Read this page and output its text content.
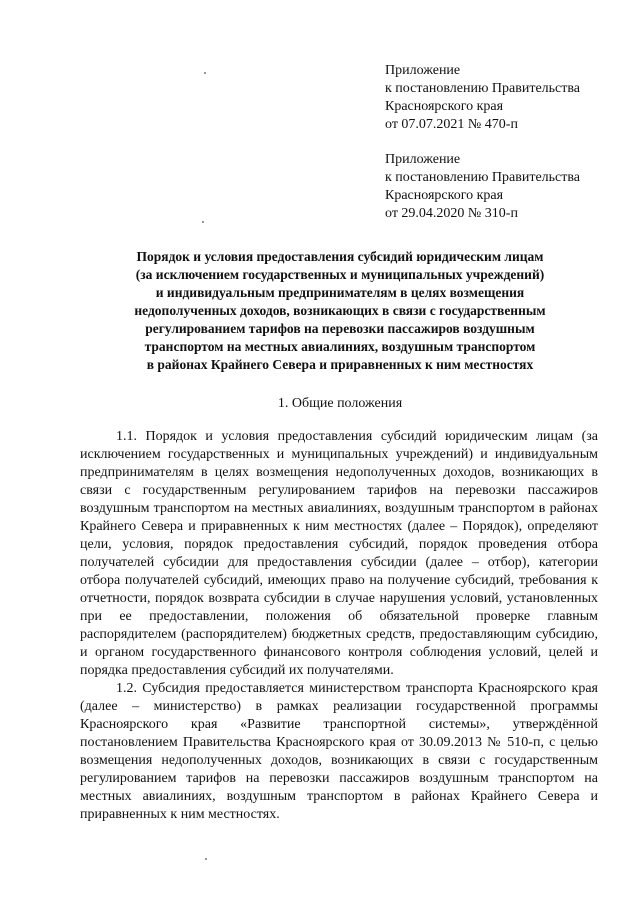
Приложение
к постановлению Правительства
Красноярского края
от 07.07.2021 № 470-п
Приложение
к постановлению Правительства
Красноярского края
от 29.04.2020 № 310-п
Порядок и условия предоставления субсидий юридическим лицам
(за исключением государственных и муниципальных учреждений)
и индивидуальным предпринимателям в целях возмещения
недополученных доходов, возникающих в связи с государственным
регулированием тарифов на перевозки пассажиров воздушным
транспортом на местных авиалиниях, воздушным транспортом
в районах Крайнего Севера и приравненных к ним местностях
1. Общие положения

1.1. Порядок и условия предоставления субсидий юридическим лицам (за исключением государственных и муниципальных учреждений) и индивидуальным предпринимателям в целях возмещения недополученных доходов, возникающих в связи с государственным регулированием тарифов на перевозки пассажиров воздушным транспортом на местных авиалиниях, воздушным транспортом в районах Крайнего Севера и приравненных к ним местностях (далее – Порядок), определяют цели, условия, порядок предоставления субсидий, порядок проведения отбора получателей субсидии для предоставления субсидии (далее – отбор), категории отбора получателей субсидий, имеющих право на получение субсидий, требования к отчетности, порядок возврата субсидии в случае нарушения условий, установленных при ее предоставлении, положения об обязательной проверке главным распорядителем (распорядителем) бюджетных средств, предоставляющим субсидию, и органом государственного финансового контроля соблюдения условий, целей и порядка предоставления субсидий их получателями.

1.2. Субсидия предоставляется министерством транспорта Красноярского края (далее – министерство) в рамках реализации государственной программы Красноярского края «Развитие транспортной системы», утверждённой постановлением Правительства Красноярского края от 30.09.2013 № 510-п, с целью возмещения недополученных доходов, возникающих в связи с государственным регулированием тарифов на перевозки пассажиров воздушным транспортом на местных авиалиниях, воздушным транспортом в районах Крайнего Севера и приравненных к ним местностях.
